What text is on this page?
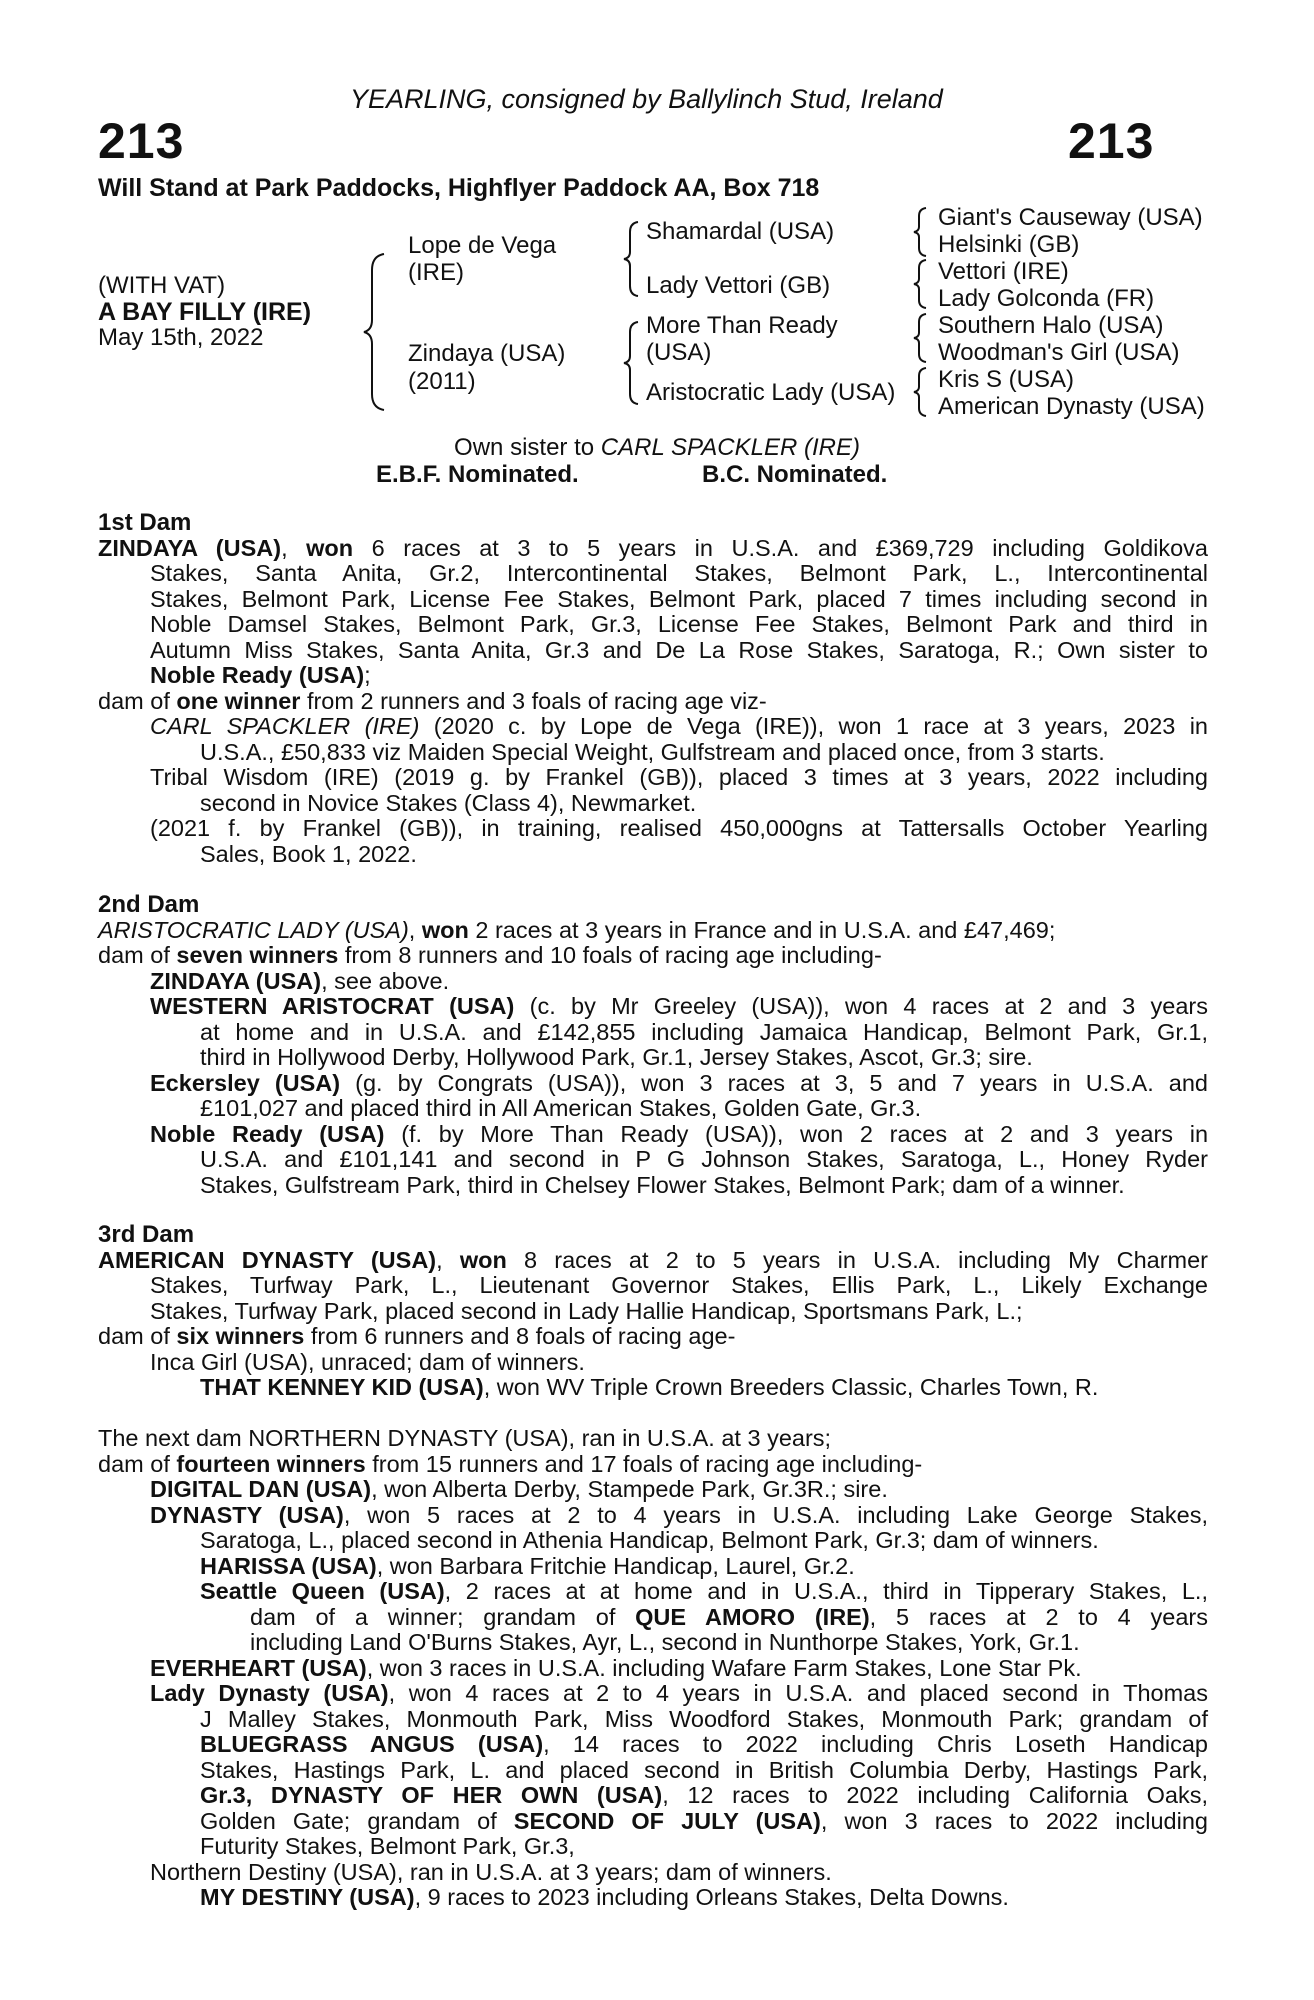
YEARLING, consigned by Ballylinch Stud, Ireland
213	213
Will Stand at Park Paddocks, Highflyer Paddock AA, Box 718
(WITH VAT)
A BAY FILLY (IRE)
May 15th, 2022
Lope de Vega
(IRE)
Zindaya (USA)
(2011)
Shamardal (USA)
Lady Vettori (GB)
More Than Ready
(USA)
Aristocratic Lady (USA)
Giant's Causeway (USA)
Helsinki (GB)
Vettori (IRE)
Lady Golconda (FR)
Southern Halo (USA)
Woodman's Girl (USA)
Kris S (USA)
American Dynasty (USA)
Own sister to CARL SPACKLER (IRE)
E.B.F. Nominated.	B.C. Nominated.
1st Dam
ZINDAYA (USA), won 6 races at 3 to 5 years in U.S.A. and £369,729 including Goldikova
Stakes, Santa Anita, Gr.2, Intercontinental Stakes, Belmont Park, L., Intercontinental
Stakes, Belmont Park, License Fee Stakes, Belmont Park, placed 7 times including second in
Noble Damsel Stakes, Belmont Park, Gr.3, License Fee Stakes, Belmont Park and third in
Autumn Miss Stakes, Santa Anita, Gr.3 and De La Rose Stakes, Saratoga, R.; Own sister to
Noble Ready (USA);
dam of one winner from 2 runners and 3 foals of racing age viz-
CARL SPACKLER (IRE) (2020 c. by Lope de Vega (IRE)), won 1 race at 3 years, 2023 in
U.S.A., £50,833 viz Maiden Special Weight, Gulfstream and placed once, from 3 starts.
Tribal Wisdom (IRE) (2019 g. by Frankel (GB)), placed 3 times at 3 years, 2022 including
second in Novice Stakes (Class 4), Newmarket.
(2021 f. by Frankel (GB)), in training, realised 450,000gns at Tattersalls October Yearling
Sales, Book 1, 2022.
2nd Dam
ARISTOCRATIC LADY (USA), won 2 races at 3 years in France and in U.S.A. and £47,469;
dam of seven winners from 8 runners and 10 foals of racing age including-
ZINDAYA (USA), see above.
WESTERN ARISTOCRAT (USA) (c. by Mr Greeley (USA)), won 4 races at 2 and 3 years
at home and in U.S.A. and £142,855 including Jamaica Handicap, Belmont Park, Gr.1,
third in Hollywood Derby, Hollywood Park, Gr.1, Jersey Stakes, Ascot, Gr.3; sire.
Eckersley (USA) (g. by Congrats (USA)), won 3 races at 3, 5 and 7 years in U.S.A. and
£101,027 and placed third in All American Stakes, Golden Gate, Gr.3.
Noble Ready (USA) (f. by More Than Ready (USA)), won 2 races at 2 and 3 years in
U.S.A. and £101,141 and second in P G Johnson Stakes, Saratoga, L., Honey Ryder
Stakes, Gulfstream Park, third in Chelsey Flower Stakes, Belmont Park; dam of a winner.
3rd Dam
AMERICAN DYNASTY (USA), won 8 races at 2 to 5 years in U.S.A. including My Charmer
Stakes, Turfway Park, L., Lieutenant Governor Stakes, Ellis Park, L., Likely Exchange
Stakes, Turfway Park, placed second in Lady Hallie Handicap, Sportsmans Park, L.;
dam of six winners from 6 runners and 8 foals of racing age-
Inca Girl (USA), unraced; dam of winners.
THAT KENNEY KID (USA), won WV Triple Crown Breeders Classic, Charles Town, R.
The next dam NORTHERN DYNASTY (USA), ran in U.S.A. at 3 years;
dam of fourteen winners from 15 runners and 17 foals of racing age including-
DIGITAL DAN (USA), won Alberta Derby, Stampede Park, Gr.3R.; sire.
DYNASTY (USA), won 5 races at 2 to 4 years in U.S.A. including Lake George Stakes,
Saratoga, L., placed second in Athenia Handicap, Belmont Park, Gr.3; dam of winners.
HARISSA (USA), won Barbara Fritchie Handicap, Laurel, Gr.2.
Seattle Queen (USA), 2 races at at home and in U.S.A., third in Tipperary Stakes, L.,
dam of a winner; grandam of QUE AMORO (IRE), 5 races at 2 to 4 years
including Land O'Burns Stakes, Ayr, L., second in Nunthorpe Stakes, York, Gr.1.
EVERHEART (USA), won 3 races in U.S.A. including Wafare Farm Stakes, Lone Star Pk.
Lady Dynasty (USA), won 4 races at 2 to 4 years in U.S.A. and placed second in Thomas
J Malley Stakes, Monmouth Park, Miss Woodford Stakes, Monmouth Park; grandam of
BLUEGRASS ANGUS (USA), 14 races to 2022 including Chris Loseth Handicap
Stakes, Hastings Park, L. and placed second in British Columbia Derby, Hastings Park,
Gr.3, DYNASTY OF HER OWN (USA), 12 races to 2022 including California Oaks,
Golden Gate; grandam of SECOND OF JULY (USA), won 3 races to 2022 including
Futurity Stakes, Belmont Park, Gr.3,
Northern Destiny (USA), ran in U.S.A. at 3 years; dam of winners.
MY DESTINY (USA), 9 races to 2023 including Orleans Stakes, Delta Downs.
